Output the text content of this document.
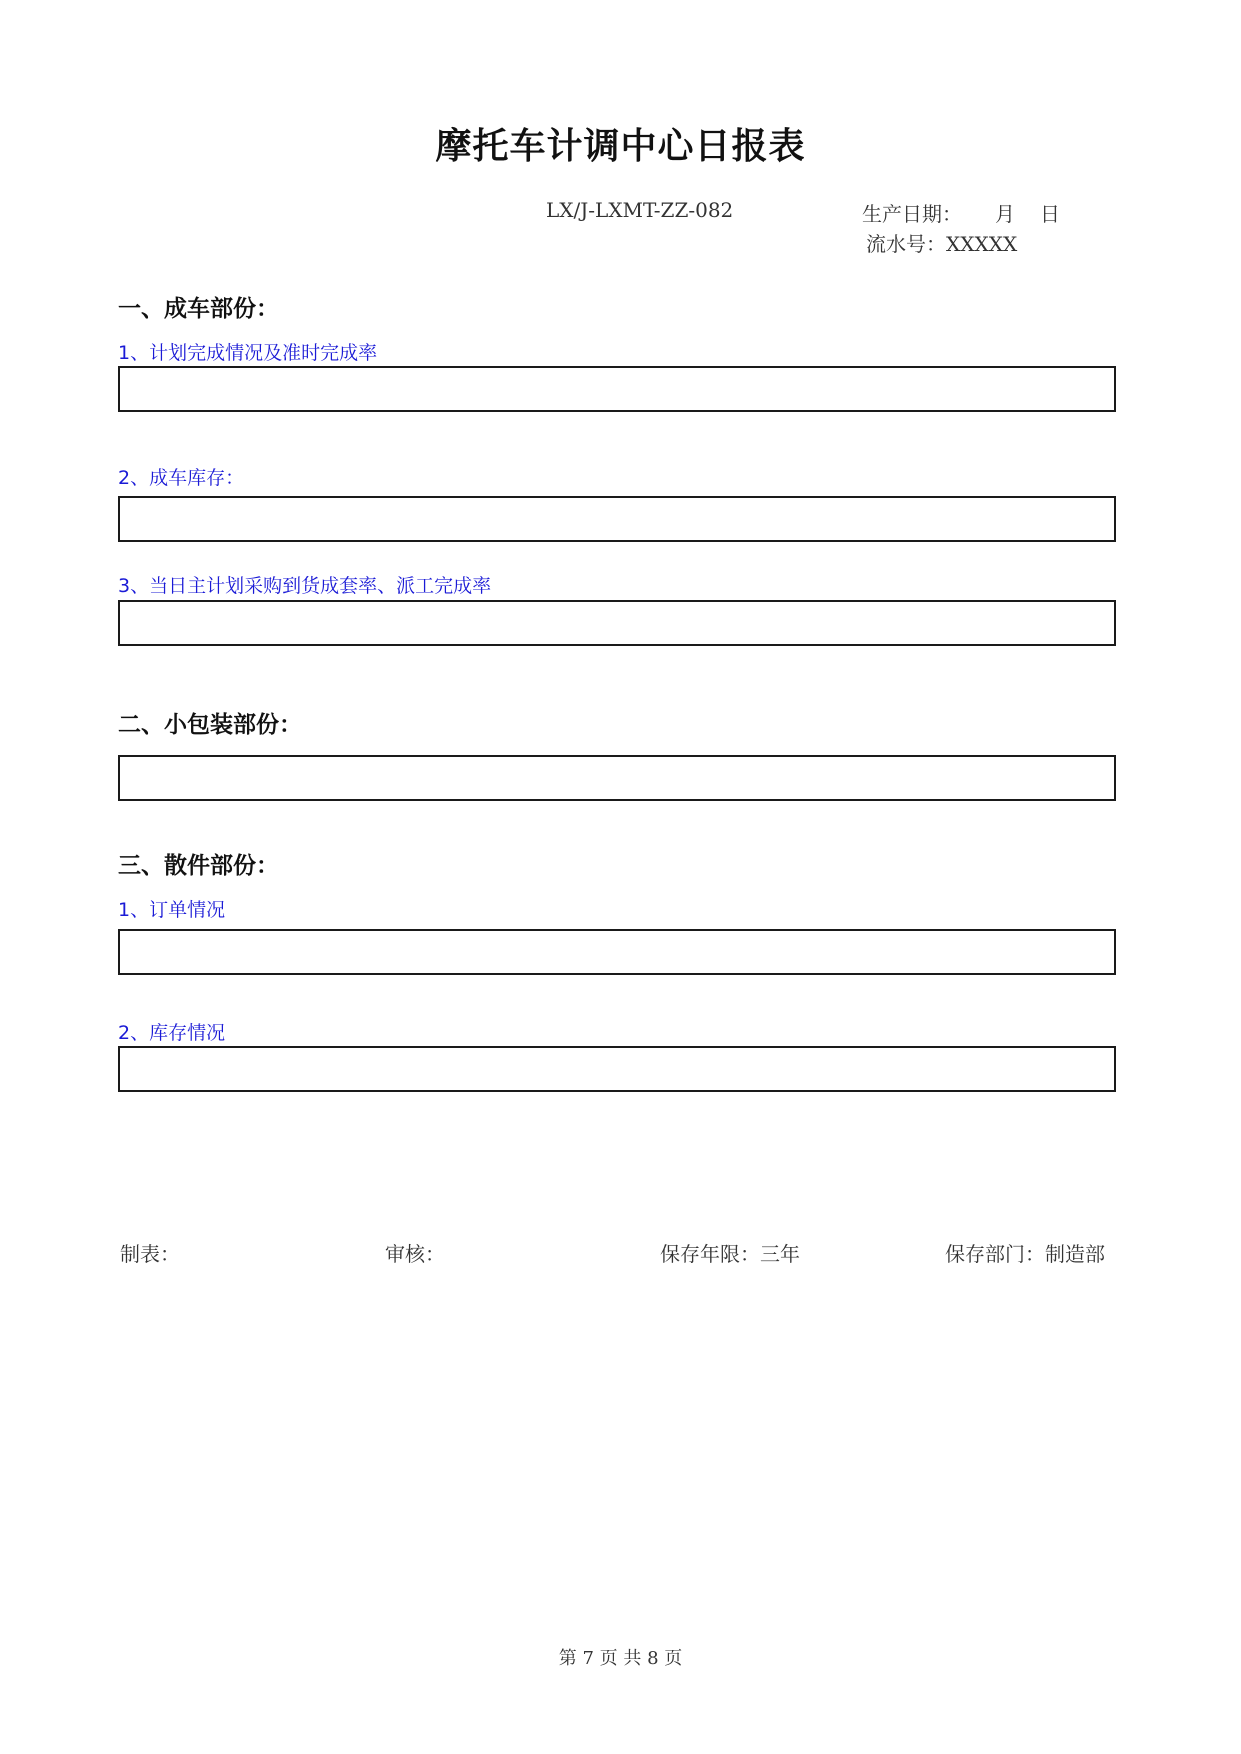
摩托车计调中心日报表
LX/J-LXMT-ZZ-082	生产日期： 月 日
流水号：XXXXX
一、成车部份：
1、计划完成情况及准时完成率
2、成车库存：
3、当日主计划采购到货成套率、派工完成率
二、小包装部份：
三、散件部份：
1、订单情况
2、库存情况
制表：	审核：	保存年限：三年	保存部门：制造部
第 7 页 共 8 页
